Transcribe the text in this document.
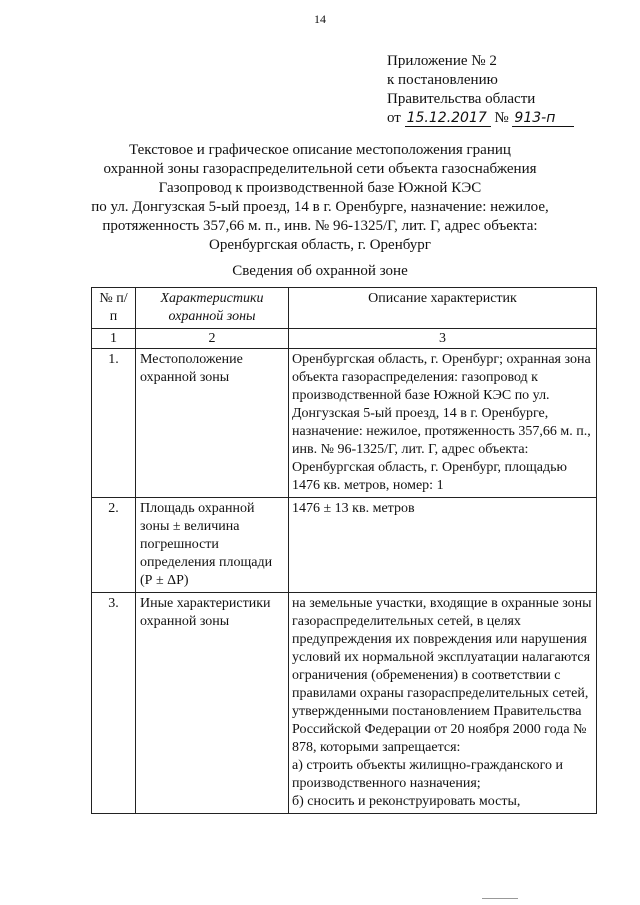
14
Приложение № 2
к постановлению
Правительства области
от 15.12.2017 № 913-п
Текстовое и графическое описание местоположения границ
охранной зоны газораспределительной сети объекта газоснабжения
Газопровод к производственной базе Южной КЭС
по ул. Донгузская 5-ый проезд, 14 в г. Оренбурге, назначение: нежилое,
протяженность 357,66 м. п., инв. № 96-1325/Г, лит. Г, адрес объекта:
Оренбургская область, г. Оренбург
Сведения об охранной зоне
№ п/п	Характеристики охранной зоны	Описание характеристик
1	2	3
1.	Местоположение охранной зоны	Оренбургская область, г. Оренбург; охранная зона объекта газораспределения: газопровод к производственной базе Южной КЭС по ул. Донгузская 5-ый проезд, 14 в г. Оренбурге, назначение: нежилое, протяженность 357,66 м. п., инв. № 96-1325/Г, лит. Г, адрес объекта: Оренбургская область, г. Оренбург, площадью 1476 кв. метров, номер: 1
2.	Площадь охранной зоны ± величина погрешности определения площади (Р ± ΔР)	1476 ± 13 кв. метров
3.	Иные характеристики охранной зоны	на земельные участки, входящие в охранные зоны газораспределительных сетей, в целях предупреждения их повреждения или нарушения условий их нормальной эксплуатации налагаются ограничения (обременения) в соответствии с правилами охраны газораспределительных сетей, утвержденными постановлением Правительства Российской Федерации от 20 ноября 2000 года № 878, которыми запрещается:
а) строить объекты жилищно-гражданского и производственного назначения;
б) сносить и реконструировать мосты,
